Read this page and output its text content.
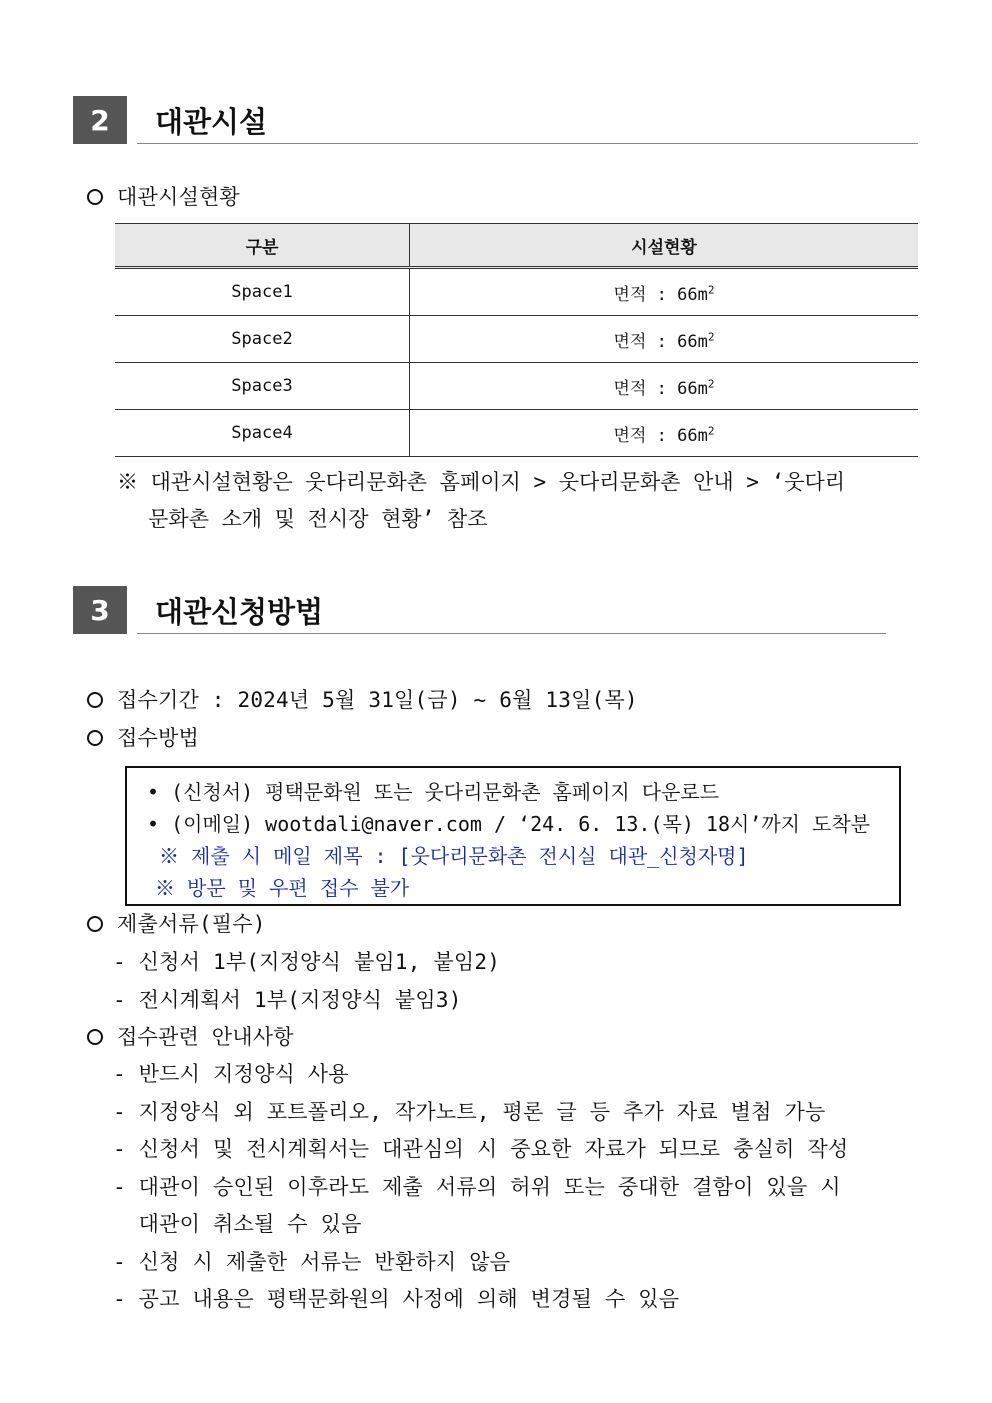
2	대관시설
대관시설현황
구분	시설현황
Space1	면적 : $66m^2$
Space2	면적 : $66m^2$
Space3	면적 : $66m^2$
Space4	면적 : $66m^2$
※ 대관시설현황은 웃다리문화촌 홈페이지 > 웃다리문화촌 안내 > ‘웃다리
문화촌 소개 및 전시장 현황’ 참조
3	대관신청방법
접수기간 : 2024년 5월 31일(금) ~ 6월 13일(목)
접수방법
• (신청서) 평택문화원 또는 웃다리문화촌 홈페이지 다운로드
• (이메일) wootdali@naver.com / ‘24. 6. 13.(목) 18시’까지 도착분
※ 제출 시 메일 제목 : [웃다리문화촌 전시실 대관_신청자명]
※ 방문 및 우편 접수 불가
제출서류(필수)
- 신청서 1부(지정양식 붙임1, 붙임2)
- 전시계획서 1부(지정양식 붙임3)
접수관련 안내사항
- 반드시 지정양식 사용
- 지정양식 외 포트폴리오, 작가노트, 평론 글 등 추가 자료 별첨 가능
- 신청서 및 전시계획서는 대관심의 시 중요한 자료가 되므로 충실히 작성
- 대관이 승인된 이후라도 제출 서류의 허위 또는 중대한 결함이 있을 시
대관이 취소될 수 있음
- 신청 시 제출한 서류는 반환하지 않음
- 공고 내용은 평택문화원의 사정에 의해 변경될 수 있음
